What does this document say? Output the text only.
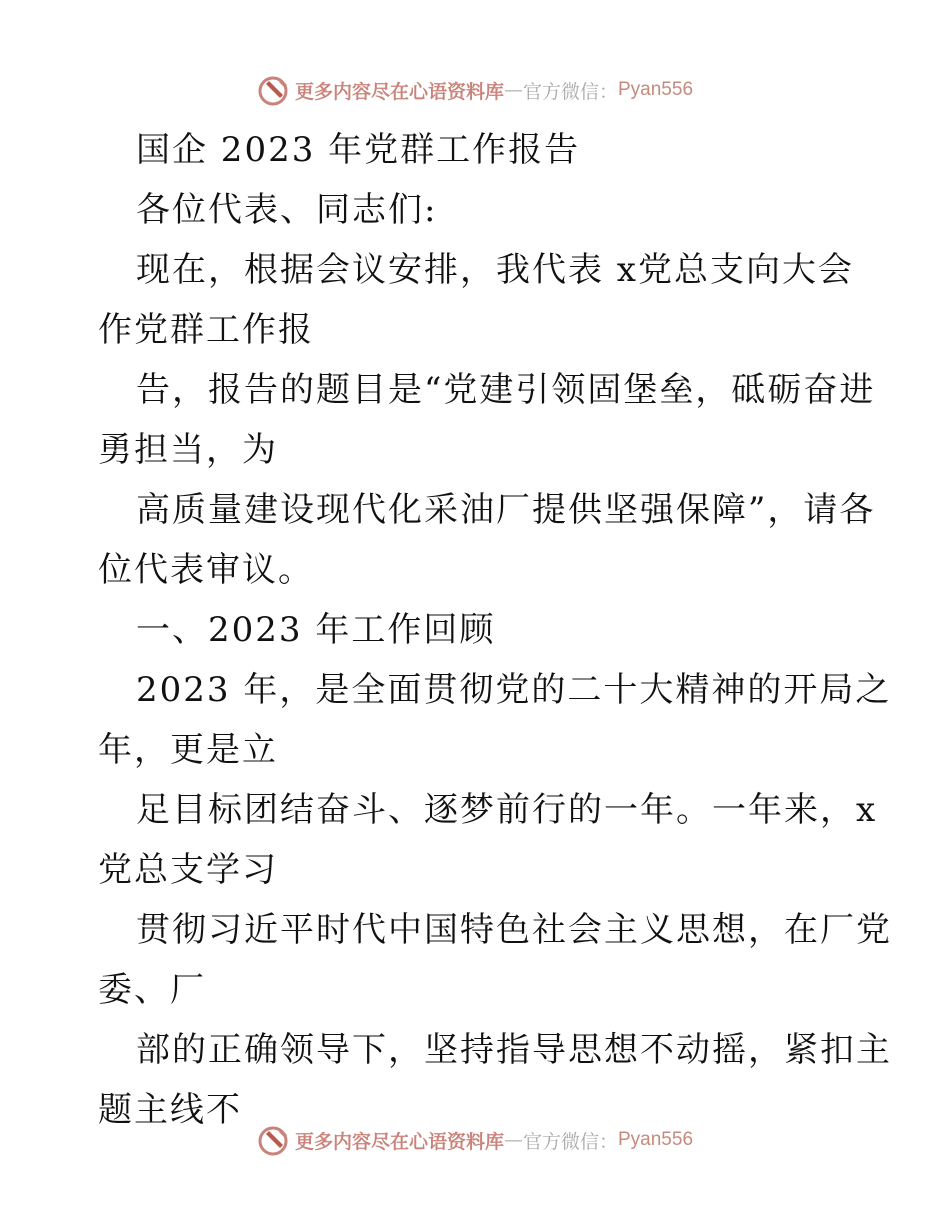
更多内容尽在心语资料库 — 官方微信： Pyan556
国企 2023 年党群工作报告
各位代表、同志们:
现在，根据会议安排，我代表 x党总支向大会
作党群工作报
告，报告的题目是“党建引领固堡垒，砥砺奋进
勇担当，为
高质量建设现代化采油厂提供坚强保障”，请各
位代表审议。
一、2023 年工作回顾
2023 年，是全面贯彻党的二十大精神的开局之
年，更是立
足目标团结奋斗、逐梦前行的一年。一年来，x
党总支学习
贯彻习近平时代中国特色社会主义思想，在厂党
委、厂
部的正确领导下，坚持指导思想不动摇，紧扣主
题主线不
更多内容尽在心语资料库 — 官方微信： Pyan556
